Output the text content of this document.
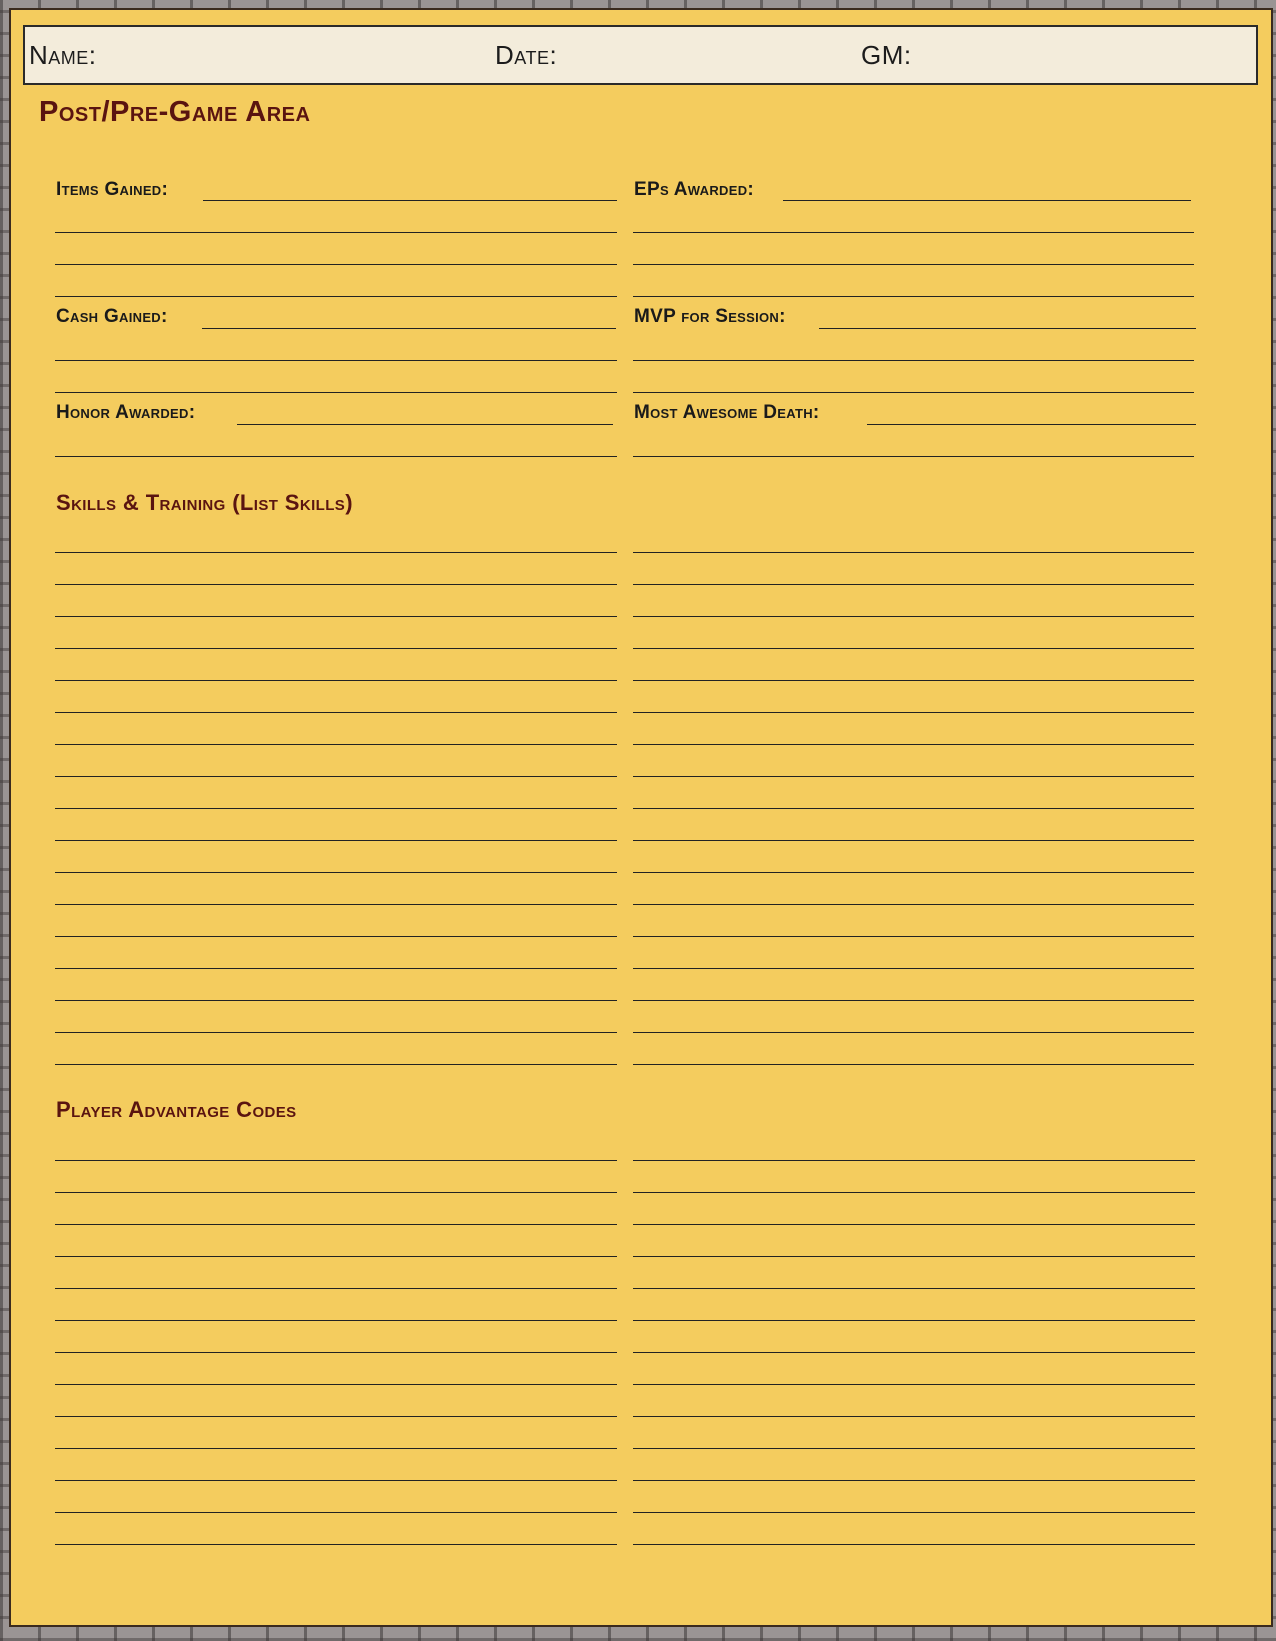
Name:	Date:	GM:
Post/Pre-Game Area
Items Gained:	EPs Awarded:
Cash Gained:	MVP for Session:
Honor Awarded:	Most Awesome Death:
Skills & Training (List Skills)
Player Advantage Codes
